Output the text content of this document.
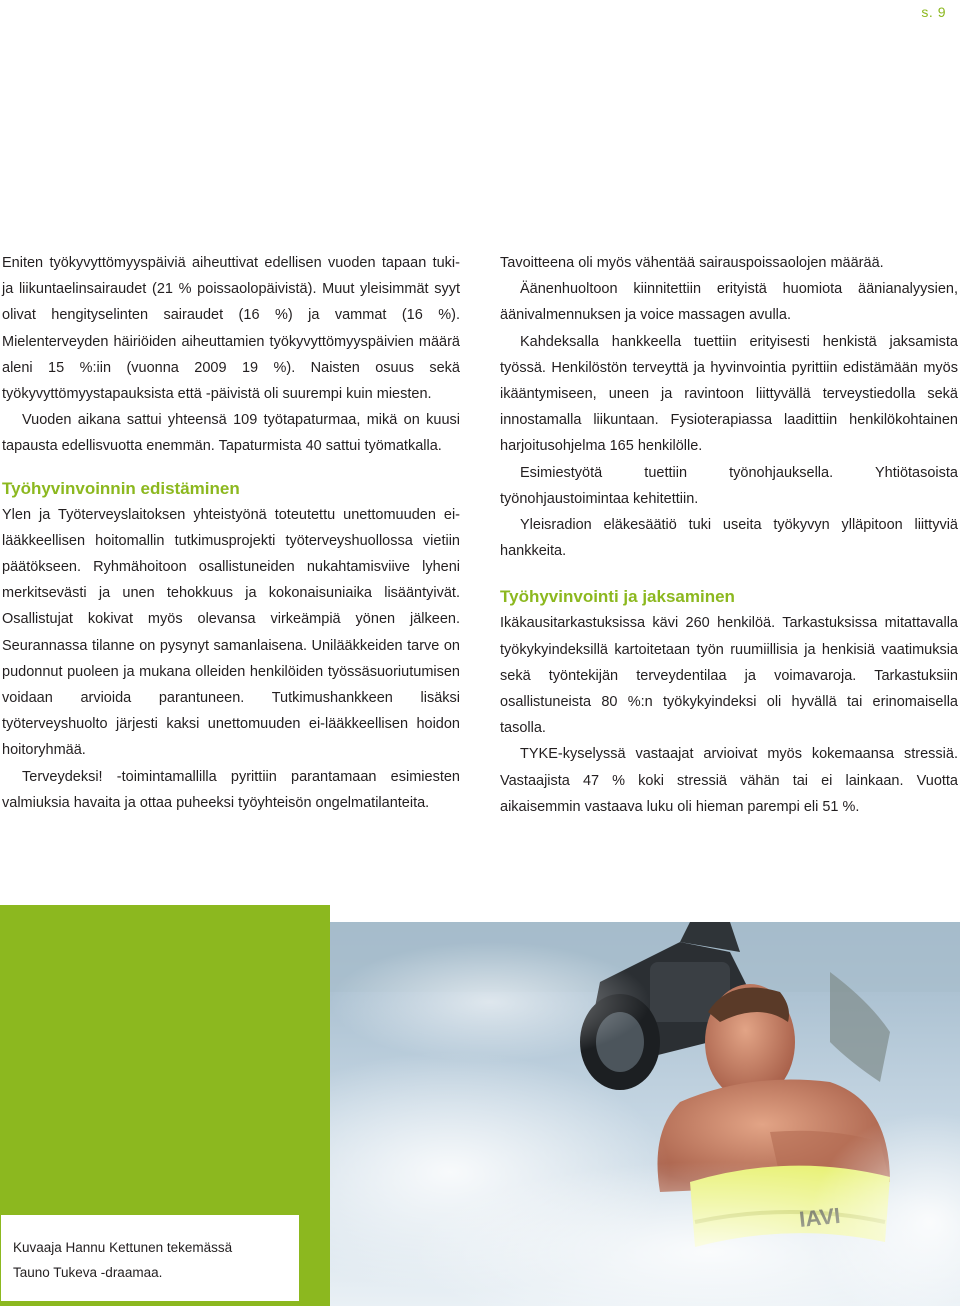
s. 9

Eniten työkyvyttömyyspäiviä aiheuttivat edellisen vuoden tapaan tuki- ja liikuntaelinsairaudet (21 % poissaolopäivistä). Muut yleisimmät syyt olivat hengityselinten sairaudet (16 %) ja vammat (16 %). Mielenterveyden häiriöiden aiheuttamien työkyvyttömyyspäivien määrä aleni 15 %:iin (vuonna 2009 19 %). Naisten osuus sekä työkyvyttömyystapauksista että -päivistä oli suurempi kuin miesten.

Vuoden aikana sattui yhteensä 109 työtapaturmaa, mikä on kuusi tapausta edellisvuotta enemmän. Tapaturmista 40 sattui työmatkalla.

Työhyvinvoinnin edistäminen

Ylen ja Työterveyslaitoksen yhteistyönä toteutettu unettomuuden ei-lääkkeellisen hoitomallin tutkimusprojekti työterveyshuollossa vietiin päätökseen. Ryhmähoitoon osallistuneiden nukahtamisviive lyheni merkitsevästi ja unen tehokkuus ja kokonaisuniaika lisääntyivät. Osallistujat kokivat myös olevansa virkeämpiä yönen jälkeen. Seurannassa tilanne on pysynyt samanlaisena. Unilääkkeiden tarve on pudonnut puoleen ja mukana olleiden henkilöiden työssäsuoriutumisen voidaan arvioida parantuneen. Tutkimushankkeen lisäksi työterveyshuolto järjesti kaksi unettomuuden ei-lääkkeellisen hoidon hoitoryhmää.

Terveydeksi! -toimintamallilla pyrittiin parantamaan esimiesten valmiuksia havaita ja ottaa puheeksi työyhteisön ongelmatilanteita.

Tavoitteena oli myös vähentää sairauspoissaolojen määrää.

Äänenhuoltoon kiinnitettiin erityistä huomiota äänianalyysien, äänivalmennuksen ja voice massagen avulla.

Kahdeksalla hankkeella tuettiin erityisesti henkistä jaksamista työssä. Henkilöstön terveyttä ja hyvinvointia pyrittiin edistämään myös ikääntymiseen, uneen ja ravintoon liittyvällä terveystiedolla sekä innostamalla liikuntaan. Fysioterapiassa laadittiin henkilökohtainen harjoitusohjelma 165 henkilölle.

Esimiestyötä tuettiin työnohjauksella. Yhtiötasoista työnohjaustoimintaa kehitettiin.

Yleisradion eläkesäätiö tuki useita työkyvyn ylläpitoon liittyviä hankkeita.

Työhyvinvointi ja jaksaminen

Ikäkausitarkastuksissa kävi 260 henkilöä. Tarkastuksissa mitattavalla työkykyindeksillä kartoitetaan työn ruumiillisia ja henkisiä vaatimuksia sekä työntekijän terveydentilaa ja voimavaroja. Tarkastuksiin osallistuneista 80 %:n työkykyindeksi oli hyvällä tai erinomaisella tasolla.

TYKE-kyselyssä vastaajat arvioivat myös kokemaansa stressiä. Vastaajista 47 % koki stressiä vähän tai ei lainkaan. Vuotta aikaisemmin vastaava luku oli hieman parempi eli 51 %.

Kuvaaja Hannu Kettunen tekemässä
Tauno Tukeva -draamaa.
